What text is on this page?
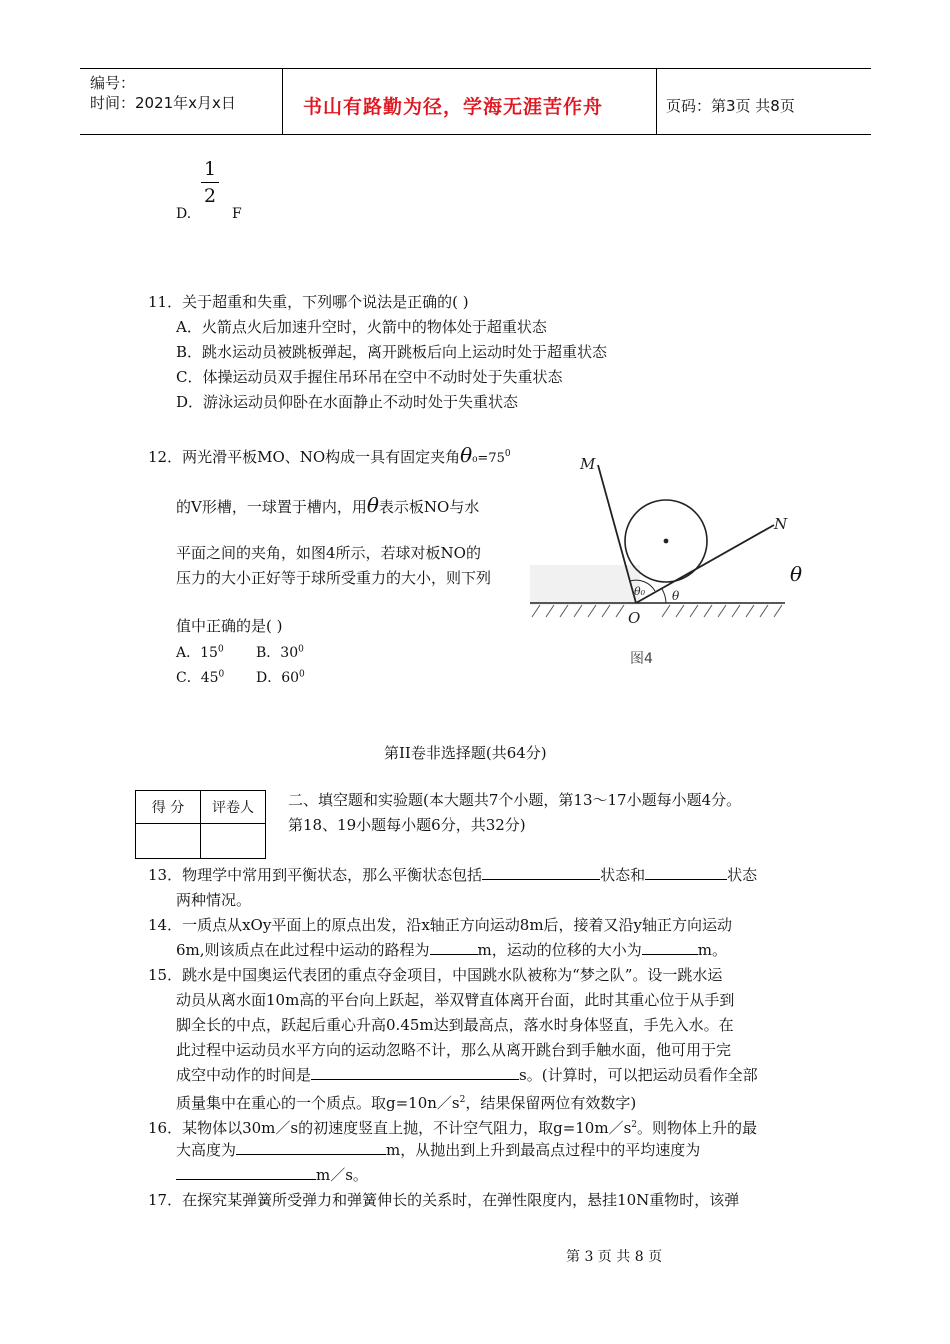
编号：
时间：2021年x月x日	书山有路勤为径，学海无涯苦作舟	页码：第3页 共8页
1
2
D.	F
11．关于超重和失重，下列哪个说法是正确的( )
A．火箭点火后加速升空时，火箭中的物体处于超重状态
B．跳水运动员被跳板弹起，离开跳板后向上运动时处于超重状态
C．体操运动员双手握住吊环吊在空中不动时处于失重状态
D．游泳运动员仰卧在水面静止不动时处于失重状态
12．两光滑平板MO、NO构成一具有固定夹角$\theta_0=75^0$
的V形槽，一球置于槽内，用θ表示板NO与水
平面之间的夹角，如图4所示，若球对板NO的
压力的大小正好等于球所受重力的大小，则下列
值中正确的是( )
A．$15^0$ B．$30^0$
C．$45^0$ D．$60^0$
M
N
O
θ₀ θ
图4
θ
第II卷非选择题(共64分)
得 分	评卷人
	二、填空题和实验题(本大题共7个小题，第13～17小题每小题4分。
第18、19小题每小题6分，共32分)
13．物理学中常用到平衡状态，那么平衡状态包括	状态和	状态
两种情况。
14．一质点从xOy平面上的原点出发，沿x轴正方向运动8m后，接着又沿y轴正方向运动
6m,则该质点在此过程中运动的路程为	m，运动的位移的大小为	m。
15．跳水是中国奥运代表团的重点夺金项目，中国跳水队被称为“梦之队”。设一跳水运
动员从离水面10m高的平台向上跃起，举双臂直体离开台面，此时其重心位于从手到
脚全长的中点，跃起后重心升高0.45m达到最高点，落水时身体竖直，手先入水。在
此过程中运动员水平方向的运动忽略不计，那么从离开跳台到手触水面，他可用于完
成空中动作的时间是	s。(计算时，可以把运动员看作全部
质量集中在重心的一个质点。取$g=10n/s^2$，结果保留两位有效数字)
16．某物体以30m／s的初速度竖直上抛，不计空气阻力，取$g=10m/s^2$。则物体上升的最
大高度为	m，从抛出到上升到最高点过程中的平均速度为
m／s。
17．在探究某弹簧所受弹力和弹簧伸长的关系时，在弹性限度内，悬挂10N重物时，该弹
第 3 页 共 8 页
